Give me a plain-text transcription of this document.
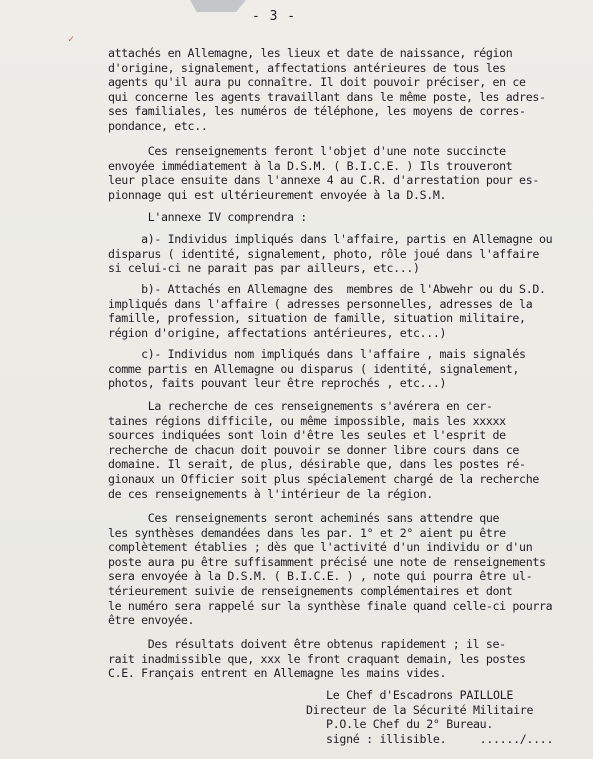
✓
- 3 -
attachés en Allemagne, les lieux et date de naissance, région
d'origine, signalement, affectations antérieures de tous les
agents qu'il aura pu connaître. Il doit pouvoir préciser, en ce
qui concerne les agents travaillant dans le même poste, les adres-
ses familiales, les numéros de téléphone, les moyens de corres-
pondance, etc..
Ces renseignements feront l'objet d'une note succincte
envoyée immédiatement à la D.S.M. ( B.I.C.E. ) Ils trouveront
leur place ensuite dans l'annexe 4 au C.R. d'arrestation pour es-
pionnage qui est ultérieurement envoyée à la D.S.M.
L'annexe IV comprendra :
a)- Individus impliqués dans l'affaire, partis en Allemagne ou
disparus ( identité, signalement, photo, rôle joué dans l'affaire
si celui-ci ne parait pas par ailleurs, etc...)
b)- Attachés en Allemagne des  membres de l'Abwehr ou du S.D.
impliqués dans l'affaire ( adresses personnelles, adresses de la
famille, profession, situation de famille, situation militaire,
région d'origine, affectations antérieures, etc...)
c)- Individus nom impliqués dans l'affaire , mais signalés
comme partis en Allemagne ou disparus ( identité, signalement,
photos, faits pouvant leur être reprochés , etc...)
La recherche de ces renseignements s'avérera en cer-
taines régions difficile, ou même impossible, mais les xxxxx
sources indiquées sont loin d'être les seules et l'esprit de
recherche de chacun doit pouvoir se donner libre cours dans ce
domaine. Il serait, de plus, désirable que, dans les postes ré-
gionaux un Officier soit plus spécialement chargé de la recherche
de ces renseignements à l'intérieur de la région.
Ces renseignements seront acheminés sans attendre que
les synthèses demandées dans les par. 1° et 2° aient pu être
complètement établies ; dès que l'activité d'un individu or d'un
poste aura pu être suffisamment précisé une note de renseignements
sera envoyée à la D.S.M. ( B.I.C.E. ) , note qui pourra être ul-
térieurement suivie de renseignements complémentaires et dont
le numéro sera rappelé sur la synthèse finale quand celle-ci pourra
être envoyée.
Des résultats doivent être obtenus rapidement ; il se-
rait inadmissible que, xxx le front craquant demain, les postes
C.E. Français entrent en Allemagne les mains vides.
Le Chef d'Escadrons PAILLOLE
Directeur de la Sécurité Militaire
P.O.le Chef du 2° Bureau.
signé : illisible.     ....../....
